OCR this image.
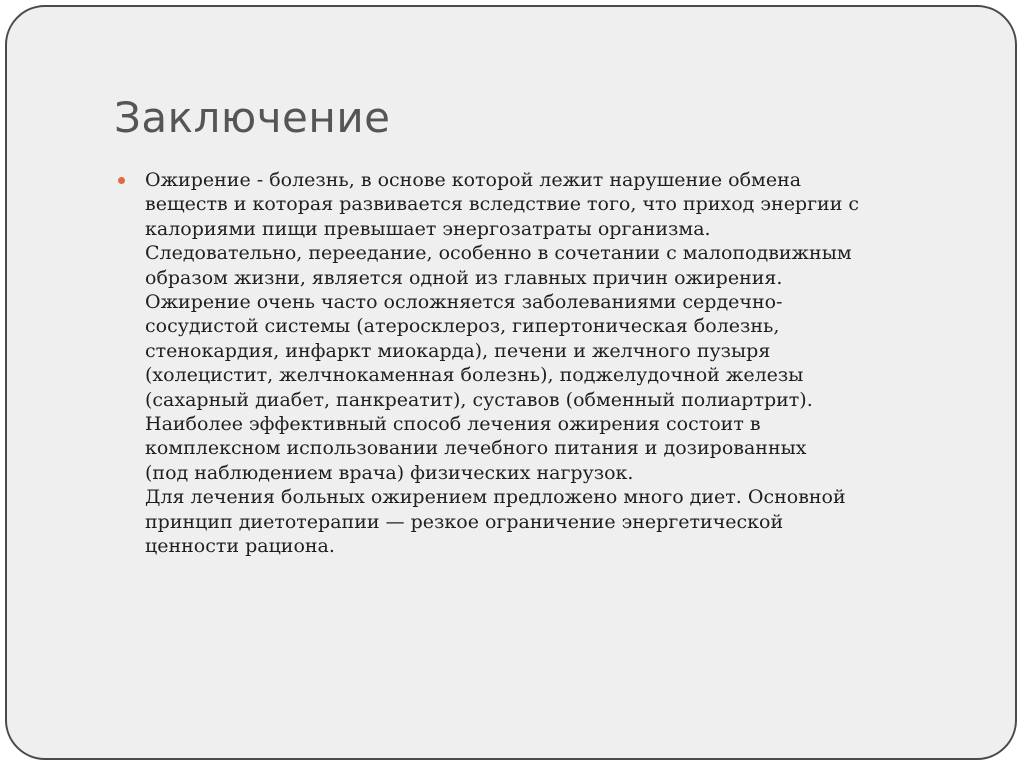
Заключение
Ожирение - болезнь, в основе которой лежит нарушение обмена
веществ и которая развивается вследствие того, что приход энергии с
калориями пищи превышает энергозатраты организма.
Следовательно, переедание, особенно в сочетании с малоподвижным
образом жизни, является одной из главных причин ожирения.
Ожирение очень часто осложняется заболеваниями сердечно-
сосудистой системы (атеросклероз, гипертоническая болезнь,
стенокардия, инфаркт миокарда), печени и желчного пузыря
(холецистит, желчнокаменная болезнь), поджелудочной железы
(сахарный диабет, панкреатит), суставов (обменный полиартрит).
Наиболее эффективный способ лечения ожирения состоит в
комплексном использовании лечебного питания и дозированных
(под наблюдением врача) физических нагрузок.
Для лечения больных ожирением предложено много диет. Основной
принцип диетотерапии — резкое ограничение энергетической
ценности рациона.
